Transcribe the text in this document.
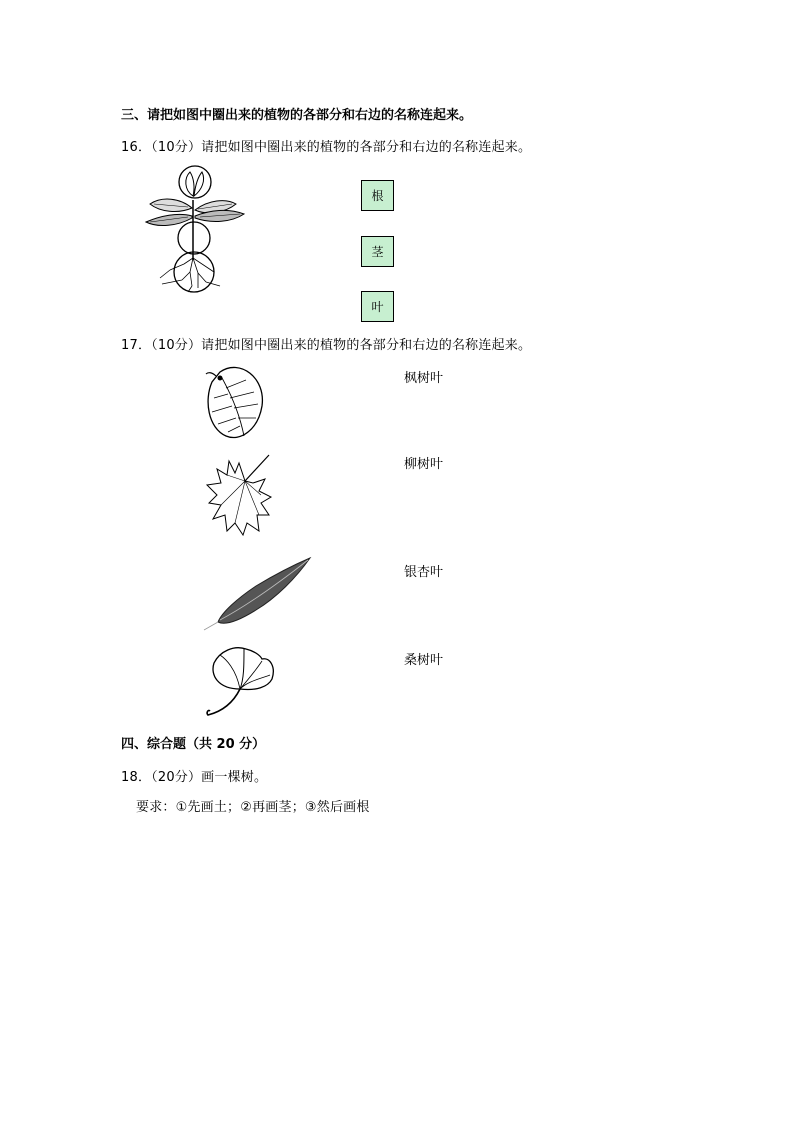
三、请把如图中圈出来的植物的各部分和右边的名称连起来。
16．（10分）请把如图中圈出来的植物的各部分和右边的名称连起来。
根
茎
叶
17．（10分）请把如图中圈出来的植物的各部分和右边的名称连起来。
枫树叶
柳树叶
银杏叶
桑树叶
四、综合题（共 20 分）
18．（20分）画一棵树。
要求：①先画土；②再画茎；③然后画根
